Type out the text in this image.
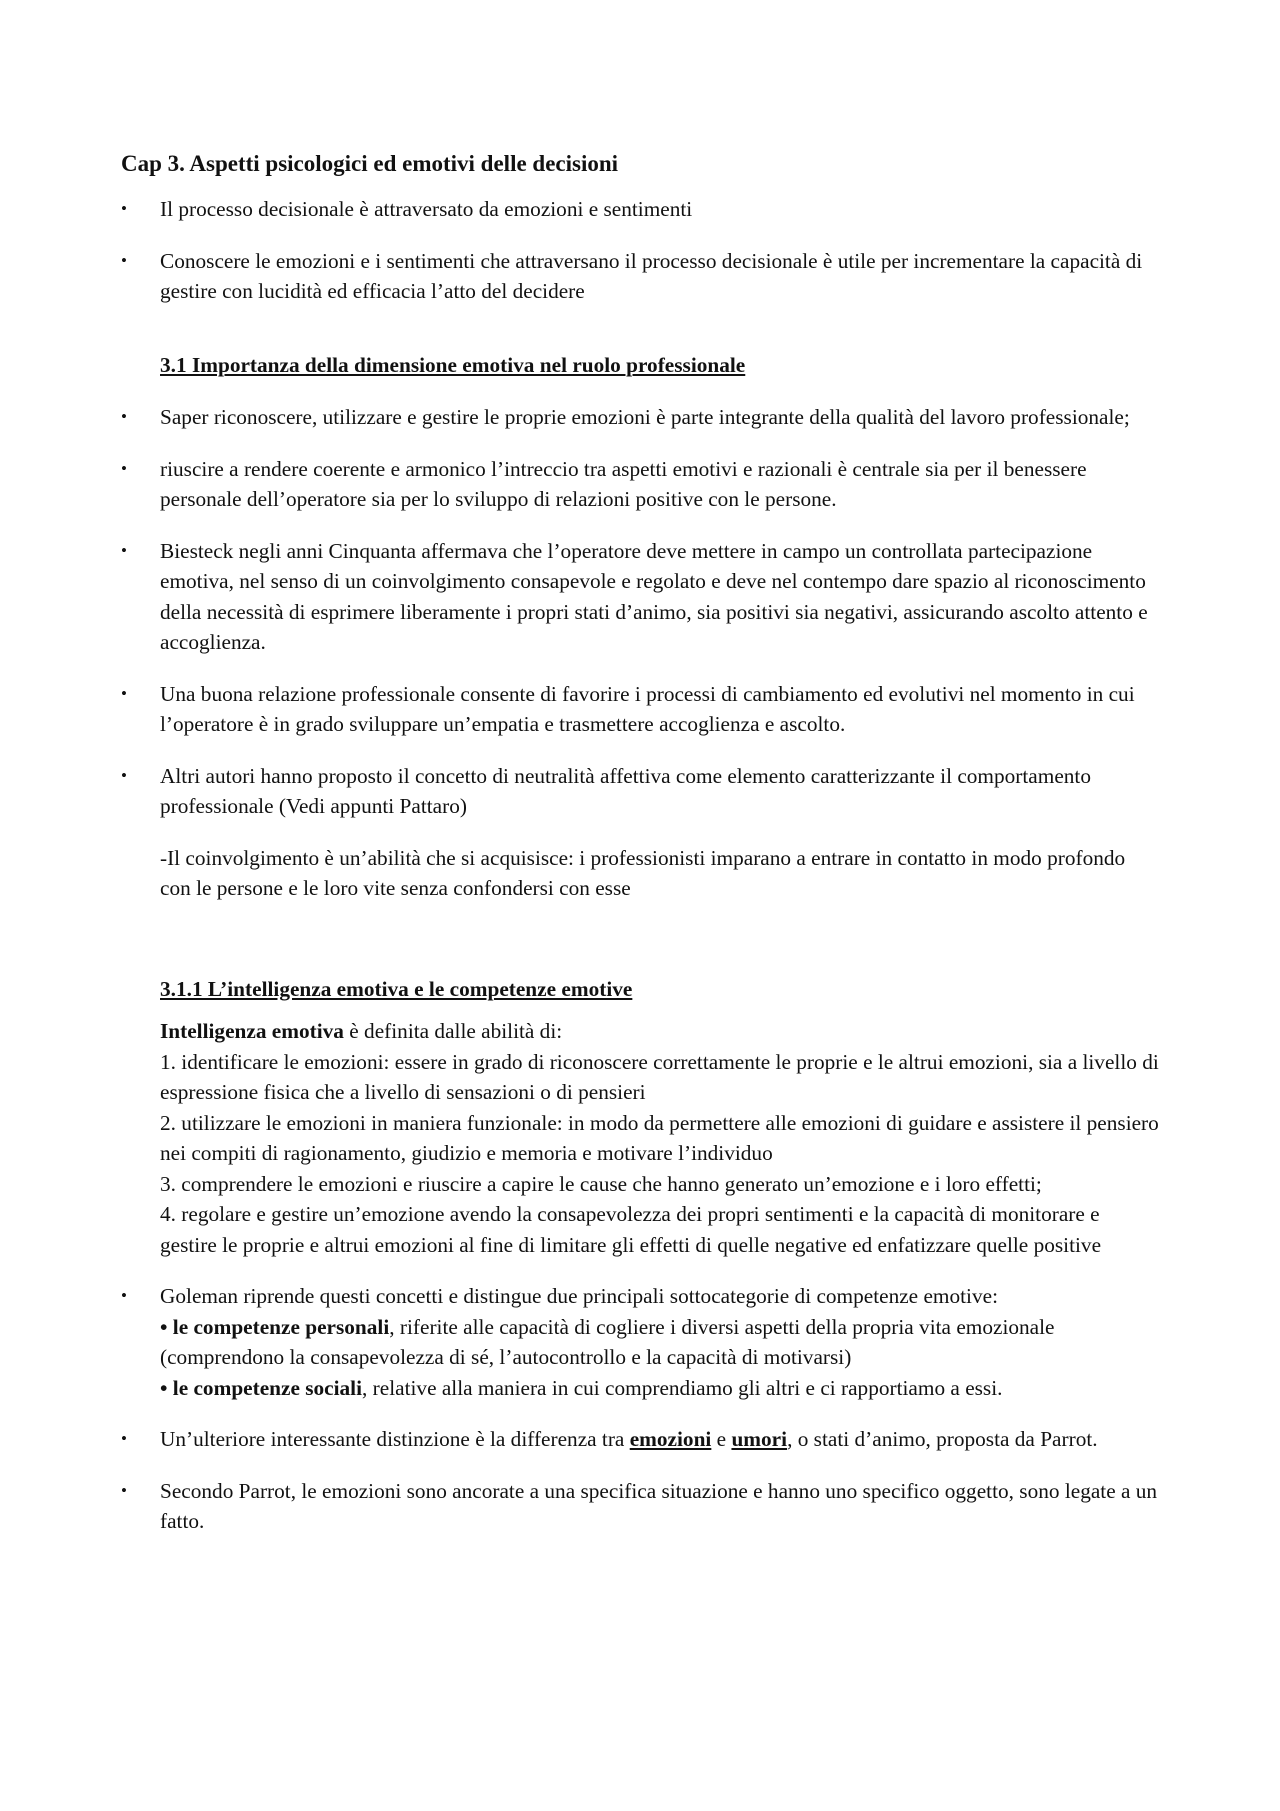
Cap 3. Aspetti psicologici ed emotivi delle decisioni
• Il processo decisionale è attraversato da emozioni e sentimenti
• Conoscere le emozioni e i sentimenti che attraversano il processo decisionale è utile per incrementare la capacità di gestire con lucidità ed efficacia l’atto del decidere
3.1 Importanza della dimensione emotiva nel ruolo professionale
• Saper riconoscere, utilizzare e gestire le proprie emozioni è parte integrante della qualità del lavoro professionale;
• riuscire a rendere coerente e armonico l’intreccio tra aspetti emotivi e razionali è centrale sia per il benessere personale dell’operatore sia per lo sviluppo di relazioni positive con le persone.
• Biesteck negli anni Cinquanta affermava che l’operatore deve mettere in campo un controllata partecipazione emotiva, nel senso di un coinvolgimento consapevole e regolato e deve nel contempo dare spazio al riconoscimento della necessità di esprimere liberamente i propri stati d’animo, sia positivi sia negativi, assicurando ascolto attento e accoglienza.
• Una buona relazione professionale consente di favorire i processi di cambiamento ed evolutivi nel momento in cui l’operatore è in grado sviluppare un’empatia e trasmettere accoglienza e ascolto.
• Altri autori hanno proposto il concetto di neutralità affettiva come elemento caratterizzante il comportamento professionale (Vedi appunti Pattaro)
-Il coinvolgimento è un’abilità che si acquisisce: i professionisti imparano a entrare in contatto in modo profondo con le persone e le loro vite senza confondersi con esse
3.1.1 L’intelligenza emotiva e le competenze emotive
Intelligenza emotiva è definita dalle abilità di:
1. identificare le emozioni: essere in grado di riconoscere correttamente le proprie e le altrui emozioni, sia a livello di espressione fisica che a livello di sensazioni o di pensieri
2. utilizzare le emozioni in maniera funzionale: in modo da permettere alle emozioni di guidare e assistere il pensiero nei compiti di ragionamento, giudizio e memoria e motivare l’individuo
3. comprendere le emozioni e riuscire a capire le cause che hanno generato un’emozione e i loro effetti;
4. regolare e gestire un’emozione avendo la consapevolezza dei propri sentimenti e la capacità di monitorare e gestire le proprie e altrui emozioni al fine di limitare gli effetti di quelle negative ed enfatizzare quelle positive
• Goleman riprende questi concetti e distingue due principali sottocategorie di competenze emotive:
• le competenze personali, riferite alle capacità di cogliere i diversi aspetti della propria vita emozionale (comprendono la consapevolezza di sé, l’autocontrollo e la capacità di motivarsi)
• le competenze sociali, relative alla maniera in cui comprendiamo gli altri e ci rapportiamo a essi.
• Un’ulteriore interessante distinzione è la differenza tra emozioni e umori, o stati d’animo, proposta da Parrot.
• Secondo Parrot, le emozioni sono ancorate a una specifica situazione e hanno uno specifico oggetto, sono legate a un fatto.
